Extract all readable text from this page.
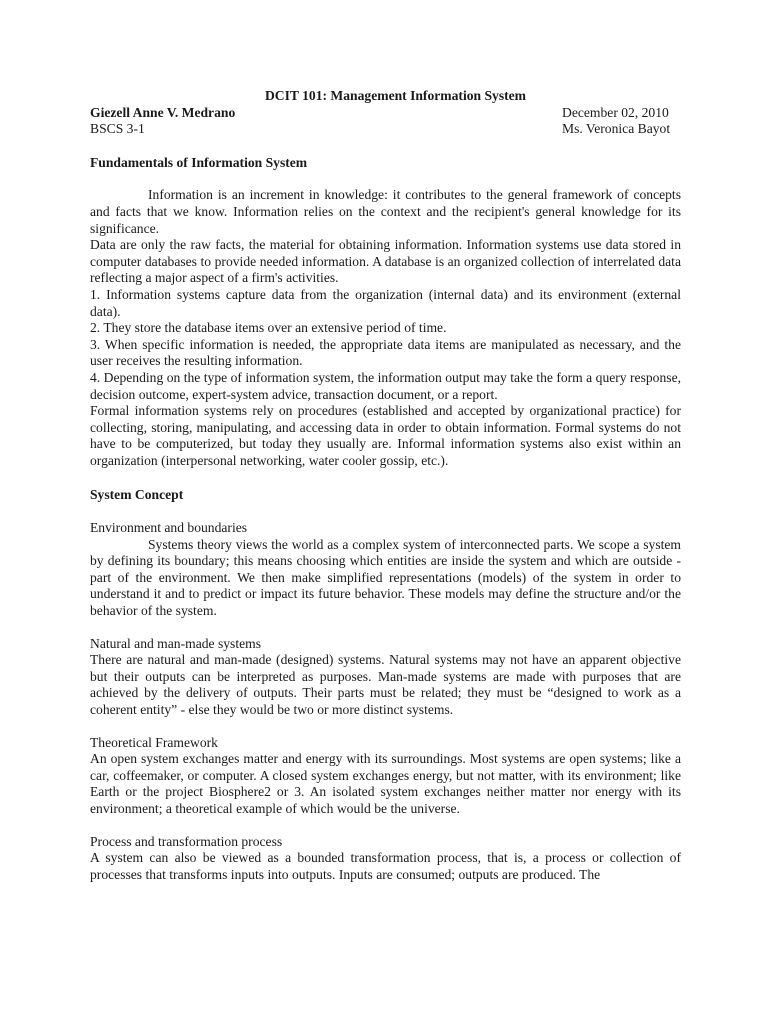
DCIT 101: Management Information System
Giezell Anne V. Medrano	December 02, 2010
BSCS 3-1	Ms. Veronica Bayot
Fundamentals of Information System

Information is an increment in knowledge: it contributes to the general framework of concepts and facts that we know. Information relies on the context and the recipient's general knowledge for its significance.

Data are only the raw facts, the material for obtaining information. Information systems use data stored in computer databases to provide needed information. A database is an organized collection of interrelated data reflecting a major aspect of a firm's activities.

1. Information systems capture data from the organization (internal data) and its environment (external data).

2. They store the database items over an extensive period of time.

3. When specific information is needed, the appropriate data items are manipulated as necessary, and the user receives the resulting information.

4. Depending on the type of information system, the information output may take the form a query response, decision outcome, expert-system advice, transaction document, or a report.

Formal information systems rely on procedures (established and accepted by organizational practice) for collecting, storing, manipulating, and accessing data in order to obtain information. Formal systems do not have to be computerized, but today they usually are. Informal information systems also exist within an organization (interpersonal networking, water cooler gossip, etc.).

System Concept
Environment and boundaries

Systems theory views the world as a complex system of interconnected parts. We scope a system by defining its boundary; this means choosing which entities are inside the system and which are outside - part of the environment. We then make simplified representations (models) of the system in order to understand it and to predict or impact its future behavior. These models may define the structure and/or the behavior of the system.

Natural and man-made systems

There are natural and man-made (designed) systems. Natural systems may not have an apparent objective but their outputs can be interpreted as purposes. Man-made systems are made with purposes that are achieved by the delivery of outputs. Their parts must be related; they must be “designed to work as a coherent entity” - else they would be two or more distinct systems.

Theoretical Framework

An open system exchanges matter and energy with its surroundings. Most systems are open systems; like a car, coffeemaker, or computer. A closed system exchanges energy, but not matter, with its environment; like Earth or the project Biosphere2 or 3. An isolated system exchanges neither matter nor energy with its environment; a theoretical example of which would be the universe.

Process and transformation process

A system can also be viewed as a bounded transformation process, that is, a process or collection of processes that transforms inputs into outputs. Inputs are consumed; outputs are produced. The
